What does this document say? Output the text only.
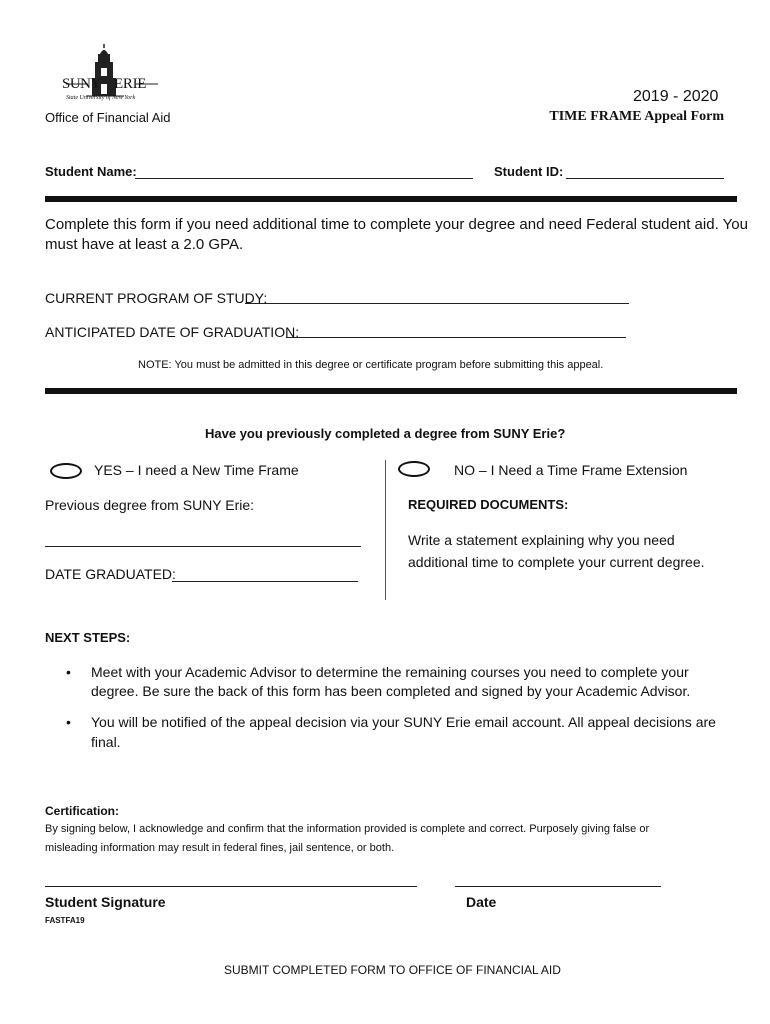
SUNY ERIE
State University of New York
Office of Financial Aid
2019 - 2020
TIME FRAME Appeal Form
Student Name:	Student ID:
Complete this form if you need additional time to complete your degree and need Federal student aid. You
must have at least a 2.0 GPA.
CURRENT PROGRAM OF STUDY:
ANTICIPATED DATE OF GRADUATION:
NOTE: You must be admitted in this degree or certificate program before submitting this appeal.
Have you previously completed a degree from SUNY Erie?
YES – I need a New Time Frame	NO – I Need a Time Frame Extension
Previous degree from SUNY Erie:
DATE GRADUATED:
REQUIRED DOCUMENTS:
Write a statement explaining why you need
additional time to complete your current degree.
NEXT STEPS:
• Meet with your Academic Advisor to determine the remaining courses you need to complete your
degree. Be sure the back of this form has been completed and signed by your Academic Advisor.
• You will be notified of the appeal decision via your SUNY Erie email account. All appeal decisions are
final.
Certification:
By signing below, I acknowledge and confirm that the information provided is complete and correct. Purposely giving false or
misleading information may result in federal fines, jail sentence, or both.
Student Signature	Date
FASTFA19
SUBMIT COMPLETED FORM TO OFFICE OF FINANCIAL AID
